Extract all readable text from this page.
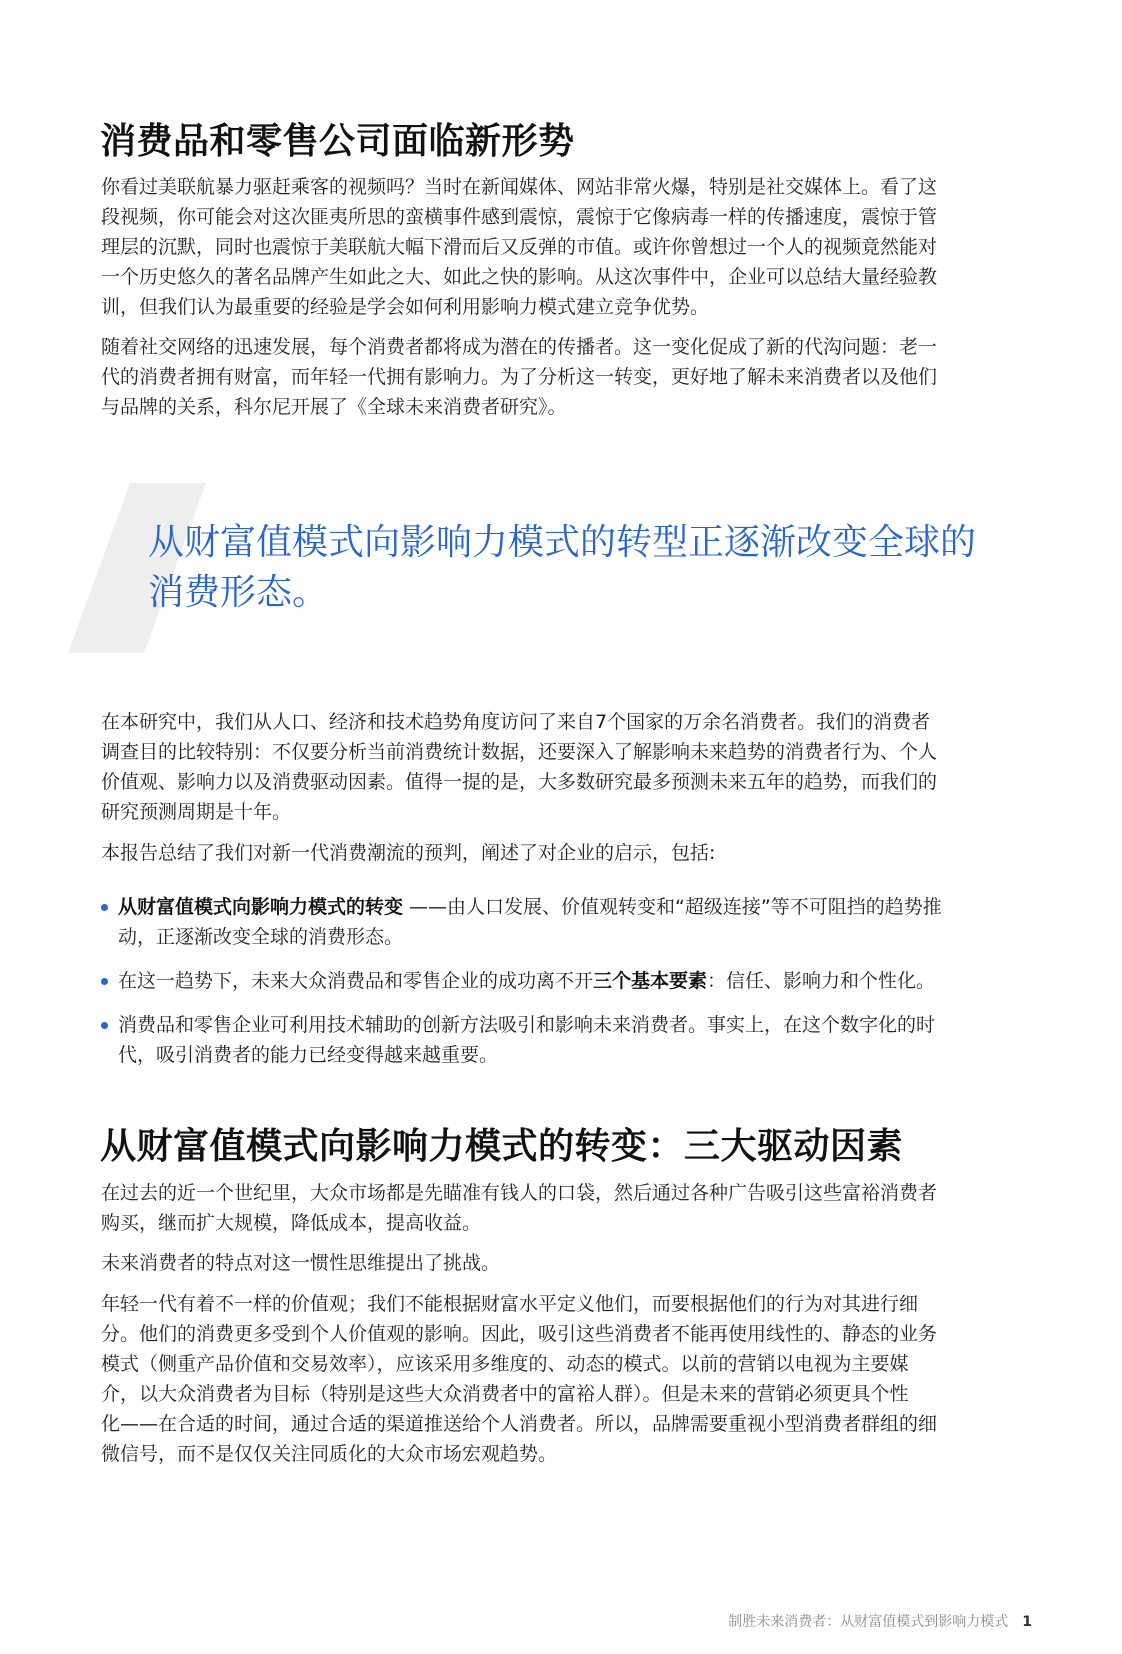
消费品和零售公司面临新形势

你看过美联航暴力驱赶乘客的视频吗？当时在新闻媒体、网站非常火爆，特别是社交媒体上。看了这
段视频，你可能会对这次匪夷所思的蛮横事件感到震惊，震惊于它像病毒一样的传播速度，震惊于管
理层的沉默，同时也震惊于美联航大幅下滑而后又反弹的市值。或许你曾想过一个人的视频竟然能对
一个历史悠久的著名品牌产生如此之大、如此之快的影响。从这次事件中，企业可以总结大量经验教
训，但我们认为最重要的经验是学会如何利用影响力模式建立竞争优势。

随着社交网络的迅速发展，每个消费者都将成为潜在的传播者。这一变化促成了新的代沟问题：老一
代的消费者拥有财富，而年轻一代拥有影响力。为了分析这一转变，更好地了解未来消费者以及他们
与品牌的关系，科尔尼开展了《全球未来消费者研究》。

从财富值模式向影响力模式的转型正逐渐改变全球的
消费形态。

在本研究中，我们从人口、经济和技术趋势角度访问了来自7个国家的万余名消费者。我们的消费者
调查目的比较特别：不仅要分析当前消费统计数据，还要深入了解影响未来趋势的消费者行为、个人
价值观、影响力以及消费驱动因素。值得一提的是，大多数研究最多预测未来五年的趋势，而我们的
研究预测周期是十年。

本报告总结了我们对新一代消费潮流的预判，阐述了对企业的启示，包括:

从财富值模式向影响力模式的转变 ——由人口发展、价值观转变和“超级连接”等不可阻挡的趋势推
动，正逐渐改变全球的消费形态。
在这一趋势下，未来大众消费品和零售企业的成功离不开三个基本要素：信任、影响力和个性化。
消费品和零售企业可利用技术辅助的创新方法吸引和影响未来消费者。事实上，在这个数字化的时
代，吸引消费者的能力已经变得越来越重要。
从财富值模式向影响力模式的转变：三大驱动因素

在过去的近一个世纪里，大众市场都是先瞄准有钱人的口袋，然后通过各种广告吸引这些富裕消费者
购买，继而扩大规模，降低成本，提高收益。

未来消费者的特点对这一惯性思维提出了挑战。

年轻一代有着不一样的价值观；我们不能根据财富水平定义他们，而要根据他们的行为对其进行细
分。他们的消费更多受到个人价值观的影响。因此，吸引这些消费者不能再使用线性的、静态的业务
模式（侧重产品价值和交易效率），应该采用多维度的、动态的模式。以前的营销以电视为主要媒
介，以大众消费者为目标（特别是这些大众消费者中的富裕人群）。但是未来的营销必须更具个性
化——在合适的时间，通过合适的渠道推送给个人消费者。所以，品牌需要重视小型消费者群组的细
微信号，而不是仅仅关注同质化的大众市场宏观趋势。

制胜未来消费者：从财富值模式到影响力模式 1
